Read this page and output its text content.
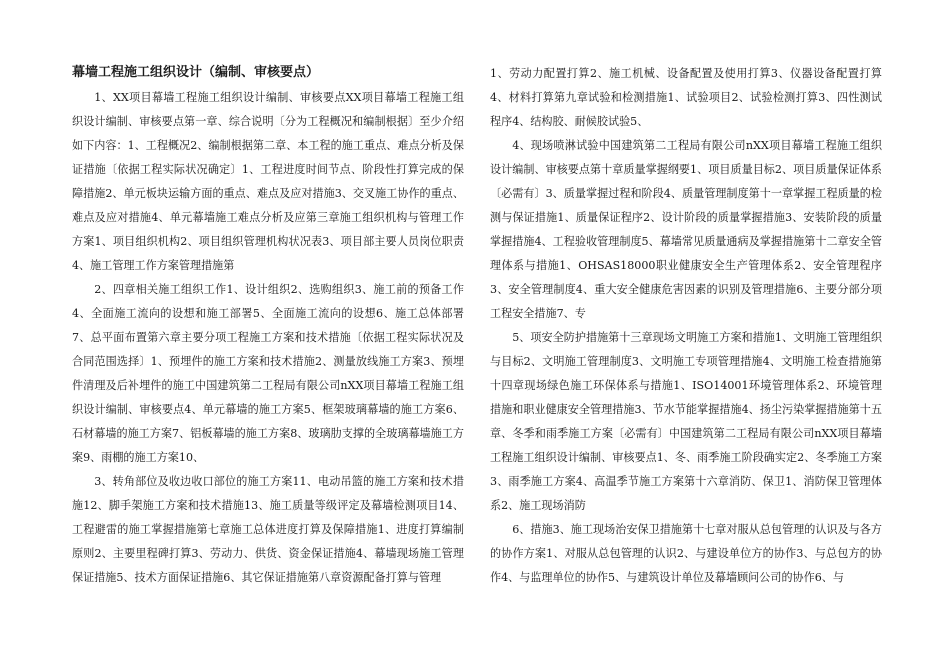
幕墙工程施工组织设计（编制、审核要点）

1、XX项目幕墙工程施工组织设计编制、审核要点XX项目幕墙工程施工组织设计编制、审核要点第一章、综合说明〔分为工程概况和编制根据〕至少介绍如下内容：1、工程概况2、编制根据第二章、本工程的施工重点、难点分析及保证措施〔依据工程实际状况确定〕1、工程进度时间节点、阶段性打算完成的保障措施2、单元板块运输方面的重点、难点及应对措施3、交叉施工协作的重点、难点及应对措施4、单元幕墙施工难点分析及应第三章施工组织机构与管理工作方案1、项目组织机构2、项目组织管理机构状况表3、项目部主要人员岗位职责4、施工管理工作方案管理措施第

2、四章相关施工组织工作1、设计组织2、选购组织3、施工前的预备工作4、全面施工流向的设想和施工部署5、全面施工流向的设想6、施工总体部署7、总平面布置第六章主要分项工程施工方案和技术措施〔依据工程实际状况及合同范围选择〕1、预埋件的施工方案和技术措施2、测量放线施工方案3、预埋件清理及后补埋件的施工中国建筑第二工程局有限公司nXX项目幕墙工程施工组织设计编制、审核要点4、单元幕墙的施工方案5、框架玻璃幕墙的施工方案6、石材幕墙的施工方案7、铝板幕墙的施工方案8、玻璃肋支撑的全玻璃幕墙施工方案9、雨棚的施工方案10、

3、转角部位及收边收口部位的施工方案11、电动吊篮的施工方案和技术措施12、脚手架施工方案和技术措施13、施工质量等级评定及幕墙检测项目14、工程避雷的施工掌握措施第七章施工总体进度打算及保障措施1、进度打算编制原则2、主要里程碑打算3、劳动力、供货、资金保证措施4、幕墙现场施工管理保证措施5、技术方面保证措施6、其它保证措施第八章资源配备打算与管理

1、劳动力配置打算2、施工机械、设备配置及使用打算3、仪器设备配置打算4、材料打算第九章试验和检测措施1、试验项目2、试验检测打算3、四性测试程序4、结构胶、耐候胶试验5、

4、现场喷淋试验中国建筑第二工程局有限公司nXX项目幕墙工程施工组织设计编制、审核要点第十章质量掌握纲要1、项目质量目标2、项目质量保证体系〔必需有〕3、质量掌握过程和阶段4、质量管理制度第十一章掌握工程质量的检测与保证措施1、质量保证程序2、设计阶段的质量掌握措施3、安装阶段的质量掌握措施4、工程验收管理制度5、幕墙常见质量通病及掌握措施第十二章安全管理体系与措施1、OHSAS18000职业健康安全生产管理体系2、安全管理程序3、安全管理制度4、重大安全健康危害因素的识别及管理措施6、主要分部分项工程安全措施7、专

5、项安全防护措施第十三章现场文明施工方案和措施1、文明施工管理组织与目标2、文明施工管理制度3、文明施工专项管理措施4、文明施工检查措施第十四章现场绿色施工环保体系与措施1、ISO14001环境管理体系2、环境管理措施和职业健康安全管理措施3、节水节能掌握措施4、扬尘污染掌握措施第十五章、冬季和雨季施工方案〔必需有〕中国建筑第二工程局有限公司nXX项目幕墙工程施工组织设计编制、审核要点1、冬、雨季施工阶段确实定2、冬季施工方案3、雨季施工方案4、高温季节施工方案第十六章消防、保卫1、消防保卫管理体系2、施工现场消防

6、措施3、施工现场治安保卫措施第十七章对服从总包管理的认识及与各方的协作方案1、对服从总包管理的认识2、与建设单位方的协作3、与总包方的协作4、与监理单位的协作5、与建筑设计单位及幕墙顾问公司的协作6、与
